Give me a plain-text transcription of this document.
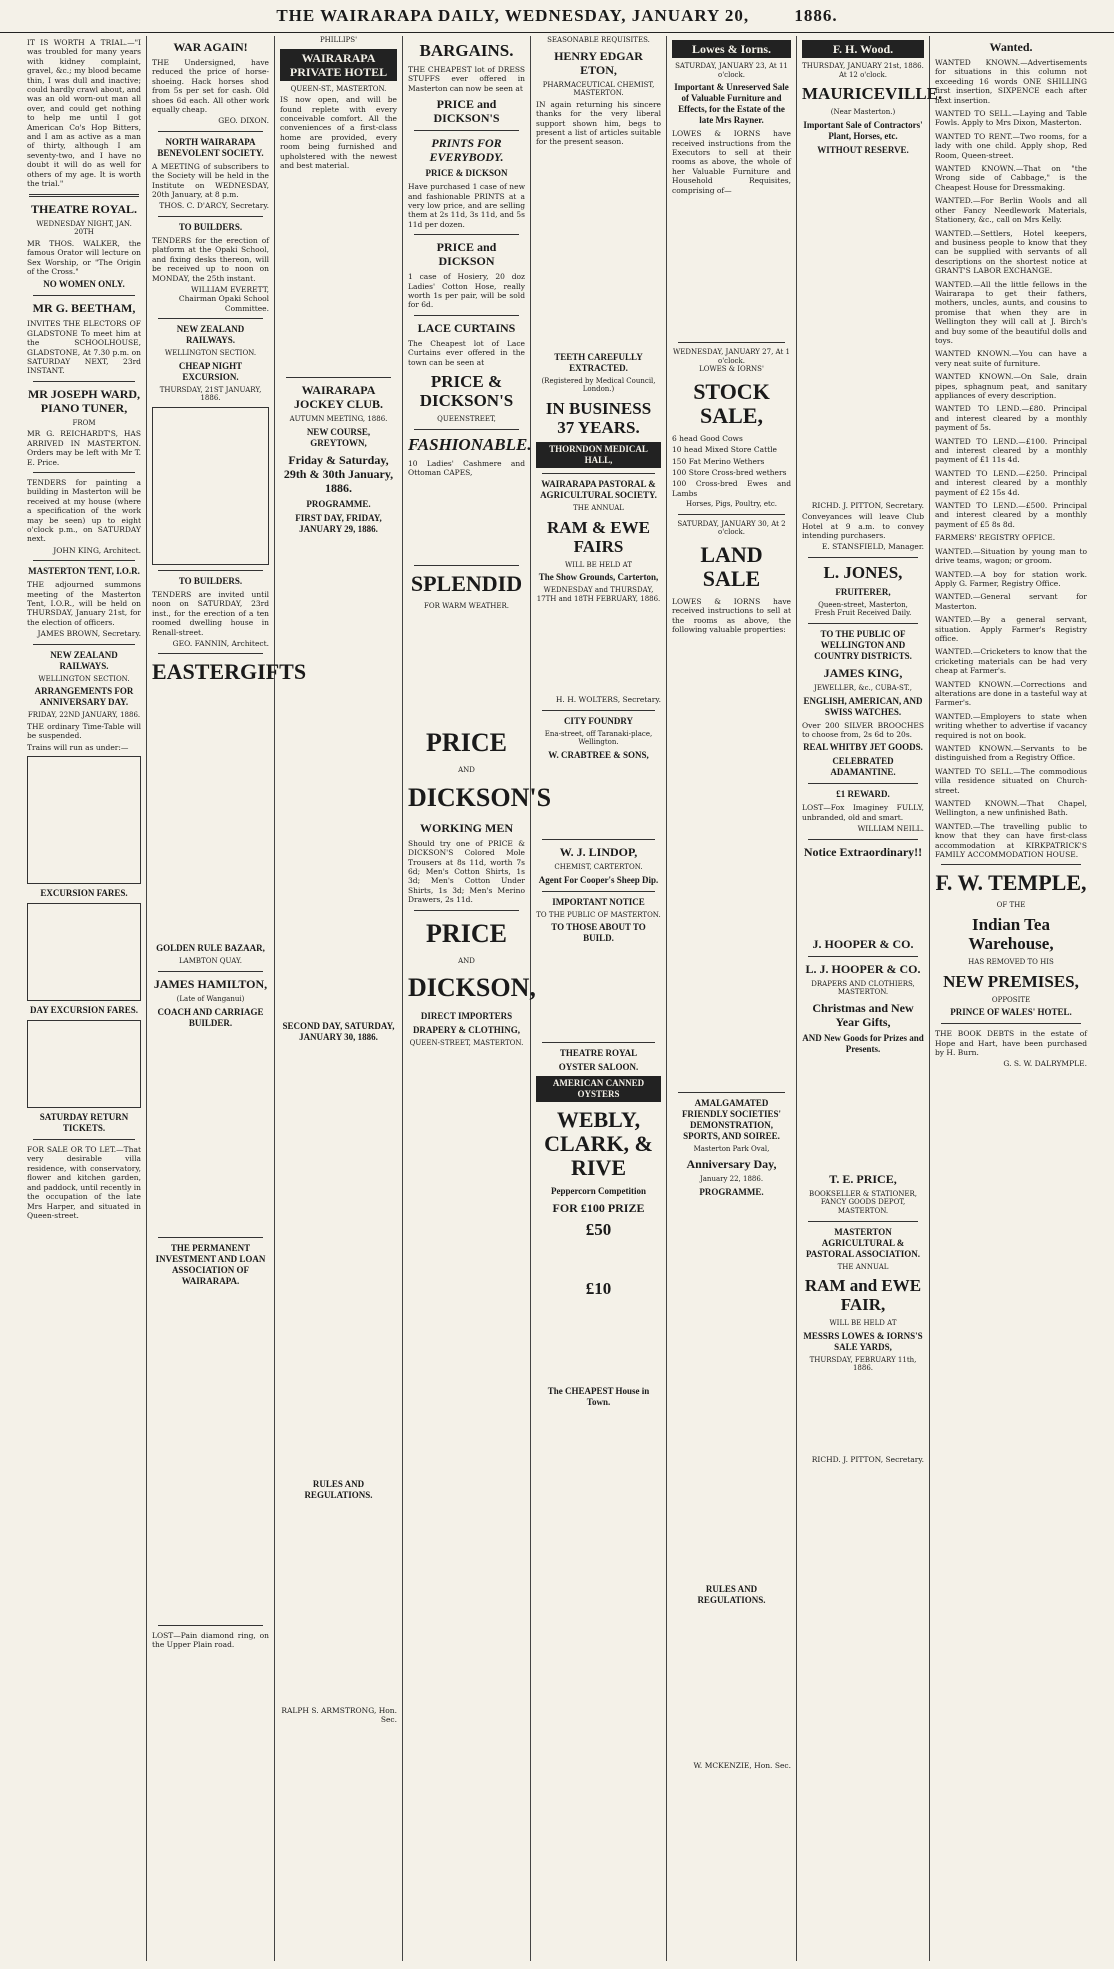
THE WAIRARAPA DAILY, WEDNESDAY, JANUARY 20,	1886.
IT IS WORTH A TRIAL.—"I was troubled for many years with kidney complaint, gravel, &c.; my blood became thin, I was dull and inactive; could hardly crawl about, and was an old worn-out man all over, and could get nothing to help me until I got American Co's Hop Bitters, and I am as active as a man of thirty, although I am seventy-two, and I have no doubt it will do as well for others of my age. It is worth the trial."
THEATRE ROYAL.
WEDNESDAY NIGHT, JAN. 20TH
MR THOS. WALKER, the famous Orator will lecture on Sex Worship, or "The Origin of the Cross."
NO WOMEN ONLY.
MR G. BEETHAM,
INVITES THE ELECTORS OF GLADSTONE To meet him at the SCHOOLHOUSE, GLADSTONE, At 7.30 p.m. on SATURDAY NEXT, 23rd INSTANT.
MR JOSEPH WARD, PIANO TUNER,
FROM
MR G. REICHARDT'S, HAS ARRIVED IN MASTERTON. Orders may be left with Mr T. E. Price.
TENDERS for painting a building in Masterton will be received at my house (where a specification of the work may be seen) up to eight o'clock p.m., on SATURDAY next.
JOHN KING, Architect.
MASTERTON TENT, I.O.R.
THE adjourned summons meeting of the Masterton Tent, I.O.R., will be held on THURSDAY, January 21st, for the election of officers.
JAMES BROWN, Secretary.
NEW ZEALAND RAILWAYS.
WELLINGTON SECTION.
ARRANGEMENTS FOR ANNIVERSARY DAY.
FRIDAY, 22ND JANUARY, 1886.
THE ordinary Time-Table will be suspended.
Trains will run as under:—
EXCURSION FARES.
DAY EXCURSION FARES.
SATURDAY RETURN TICKETS.
FOR SALE OR TO LET.—That very desirable villa residence, with conservatory, flower and kitchen garden, and paddock, until recently in the occupation of the late Mrs Harper, and situated in Queen-street.
WAR AGAIN!
THE Undersigned, have reduced the price of horse-shoeing. Hack horses shod from 5s per set for cash. Old shoes 6d each. All other work equally cheap.
GEO. DIXON.
NORTH WAIRARAPA BENEVOLENT SOCIETY.
A MEETING of subscribers to the Society will be held in the Institute on WEDNESDAY, 20th January, at 8 p.m.
THOS. C. D'ARCY, Secretary.
TO BUILDERS.
TENDERS for the erection of platform at the Opaki School, and fixing desks thereon, will be received up to noon on MONDAY, the 25th instant.
WILLIAM EVERETT, Chairman Opaki School Committee.
NEW ZEALAND RAILWAYS.
WELLINGTON SECTION.
CHEAP NIGHT EXCURSION.
THURSDAY, 21ST JANUARY, 1886.
TO BUILDERS.
TENDERS are invited until noon on SATURDAY, 23rd inst., for the erection of a ten roomed dwelling house in Renall-street.
GEO. FANNIN, Architect.
EASTERGIFTS
GOLDEN RULE BAZAAR,
LAMBTON QUAY.
JAMES HAMILTON,
(Late of Wanganui)
COACH AND CARRIAGE BUILDER.
THE PERMANENT INVESTMENT AND LOAN ASSOCIATION OF WAIRARAPA.
LOST—Pain diamond ring, on the Upper Plain road.
PHILLIPS'
WAIRARAPA PRIVATE HOTEL
QUEEN-ST., MASTERTON.
IS now open, and will be found replete with every conceivable comfort. All the conveniences of a first-class home are provided, every room being furnished and upholstered with the newest and best material.
WAIRARAPA JOCKEY CLUB.
AUTUMN MEETING, 1886.
NEW COURSE, GREYTOWN,
Friday & Saturday, 29th & 30th January, 1886.
PROGRAMME.
FIRST DAY, FRIDAY, JANUARY 29, 1886.
SECOND DAY, SATURDAY, JANUARY 30, 1886.
RULES AND REGULATIONS.
RALPH S. ARMSTRONG, Hon. Sec.
BARGAINS.
THE CHEAPEST lot of DRESS STUFFS ever offered in Masterton can now be seen at
PRICE and DICKSON'S
PRINTS FOR EVERYBODY.
PRICE & DICKSON
Have purchased 1 case of new and fashionable PRINTS at a very low price, and are selling them at 2s 11d, 3s 11d, and 5s 11d per dozen.
PRICE and DICKSON
1 case of Hosiery, 20 doz Ladies' Cotton Hose, really worth 1s per pair, will be sold for 6d.
LACE CURTAINS
The Cheapest lot of Lace Curtains ever offered in the town can be seen at
PRICE & DICKSON'S
QUEENSTREET,
FASHIONABLE.
10 Ladies' Cashmere and Ottoman CAPES,
SPLENDID
FOR WARM WEATHER.
PRICE
AND
DICKSON'S
WORKING MEN
Should try one of PRICE & DICKSON'S Colored Mole Trousers at 8s 11d, worth 7s 6d; Men's Cotton Shirts, 1s 3d; Men's Cotton Under Shirts, 1s 3d; Men's Merino Drawers, 2s 11d.
PRICE
AND
DICKSON,
DIRECT IMPORTERS
DRAPERY & CLOTHING,
QUEEN-STREET, MASTERTON.
SEASONABLE REQUISITES.
HENRY EDGAR ETON,
PHARMACEUTICAL CHEMIST, MASTERTON.
IN again returning his sincere thanks for the very liberal support shown him, begs to present a list of articles suitable for the present season.
TEETH CAREFULLY EXTRACTED.
(Registered by Medical Council, London.)
IN BUSINESS 37 YEARS.
THORNDON MEDICAL HALL,
WAIRARAPA PASTORAL & AGRICULTURAL SOCIETY.
THE ANNUAL
RAM & EWE FAIRS
WILL BE HELD AT
The Show Grounds, Carterton,
WEDNESDAY and THURSDAY, 17TH and 18TH FEBRUARY, 1886.
H. H. WOLTERS, Secretary.
CITY FOUNDRY
Ena-street, off Taranaki-place, Wellington.
W. CRABTREE & SONS,
W. J. LINDOP,
CHEMIST, CARTERTON.
Agent For Cooper's Sheep Dip.
IMPORTANT NOTICE
TO THE PUBLIC OF MASTERTON.
TO THOSE ABOUT TO BUILD.
THEATRE ROYAL
OYSTER SALOON.
AMERICAN CANNED OYSTERS
WEBLY, CLARK, & RIVE
Peppercorn Competition
FOR £100 PRIZE
£50
£10
The CHEAPEST House in Town.
Lowes & Iorns.
SATURDAY, JANUARY 23, At 11 o'clock.
Important & Unreserved Sale of Valuable Furniture and Effects, for the Estate of the late Mrs Rayner.
LOWES & IORNS have received instructions from the Executors to sell at their rooms as above, the whole of her Valuable Furniture and Household Requisites, comprising of—
WEDNESDAY, JANUARY 27, At 1 o'clock.
LOWES & IORNS'
STOCK SALE,
6 head Good Cows
10 head Mixed Store Cattle
150 Fat Merino Wethers
100 Store Cross-bred wethers
100 Cross-bred Ewes and Lambs
Horses, Pigs, Poultry, etc.
SATURDAY, JANUARY 30, At 2 o'clock.
LAND SALE
LOWES & IORNS have received instructions to sell at the rooms as above, the following valuable properties:
AMALGAMATED FRIENDLY SOCIETIES' DEMONSTRATION, SPORTS, AND SOIREE.
Masterton Park Oval,
Anniversary Day,
January 22, 1886.
PROGRAMME.
RULES AND REGULATIONS.
W. MCKENZIE, Hon. Sec.
F. H. Wood.
THURSDAY, JANUARY 21st, 1886.
At 12 o'clock.
MAURICEVILLE.
(Near Masterton.)
Important Sale of Contractors' Plant, Horses, etc.
WITHOUT RESERVE.
RICHD. J. PITTON, Secretary.
Conveyances will leave Club Hotel at 9 a.m. to convey intending purchasers.
E. STANSFIELD, Manager.
L. JONES,
FRUITERER,
Queen-street, Masterton,
Fresh Fruit Received Daily.
TO THE PUBLIC OF WELLINGTON AND COUNTRY DISTRICTS.
JAMES KING,
JEWELLER, &c., CUBA-ST.,
ENGLISH, AMERICAN, AND SWISS WATCHES.
Over 200 SILVER BROOCHES to choose from, 2s 6d to 20s.
REAL WHITBY JET GOODS.
CELEBRATED ADAMANTINE.
£1 REWARD.
LOST—Fox Imaginey FULLY, unbranded, old and smart.
WILLIAM NEILL.
Notice Extraordinary!!
J. HOOPER & CO.
L. J. HOOPER & CO.
DRAPERS AND CLOTHIERS, MASTERTON.
Christmas and New Year Gifts,
AND New Goods for Prizes and Presents.
T. E. PRICE,
BOOKSELLER & STATIONER, FANCY GOODS DEPOT, MASTERTON.
MASTERTON AGRICULTURAL & PASTORAL ASSOCIATION.
THE ANNUAL
RAM and EWE FAIR,
WILL BE HELD AT
MESSRS LOWES & IORNS'S SALE YARDS,
THURSDAY, FEBRUARY 11th, 1886.
RICHD. J. PITTON, Secretary.
Wanted.
WANTED KNOWN.—Advertisements for situations in this column not exceeding 16 words ONE SHILLING first insertion, SIXPENCE each after next insertion.
WANTED TO SELL.—Laying and Table Fowls. Apply to Mrs Dixon, Masterton.
WANTED TO RENT.—Two rooms, for a lady with one child. Apply shop, Red Room, Queen-street.
WANTED KNOWN.—That on "the Wrong side of Cabbage," is the Cheapest House for Dressmaking.
WANTED.—For Berlin Wools and all other Fancy Needlework Materials, Stationery, &c., call on Mrs Kelly.
WANTED.—Settlers, Hotel keepers, and business people to know that they can be supplied with servants of all descriptions on the shortest notice at GRANT'S LABOR EXCHANGE.
WANTED.—All the little fellows in the Wairarapa to get their fathers, mothers, uncles, aunts, and cousins to promise that when they are in Wellington they will call at J. Birch's and buy some of the beautiful dolls and toys.
WANTED KNOWN.—You can have a very neat suite of furniture.
WANTED KNOWN.—On Sale, drain pipes, sphagnum peat, and sanitary appliances of every description.
WANTED TO LEND.—£80. Principal and interest cleared by a monthly payment of 5s.
WANTED TO LEND.—£100. Principal and interest cleared by a monthly payment of £1 11s 4d.
WANTED TO LEND.—£250. Principal and interest cleared by a monthly payment of £2 15s 4d.
WANTED TO LEND.—£500. Principal and interest cleared by a monthly payment of £5 8s 8d.
FARMERS' REGISTRY OFFICE.
WANTED.—Situation by young man to drive teams, wagon; or groom.
WANTED.—A boy for station work. Apply G. Farmer, Registry Office.
WANTED.—General servant for Masterton.
WANTED.—By a general servant, situation. Apply Farmer's Registry office.
WANTED.—Cricketers to know that the cricketing materials can be had very cheap at Farmer's.
WANTED KNOWN.—Corrections and alterations are done in a tasteful way at Farmer's.
WANTED.—Employers to state when writing whether to advertise if vacancy required is not on book.
WANTED KNOWN.—Servants to be distinguished from a Registry Office.
WANTED TO SELL.—The commodious villa residence situated on Church-street.
WANTED KNOWN.—That Chapel, Wellington, a new unfinished Bath.
WANTED.—The travelling public to know that they can have first-class accommodation at KIRKPATRICK'S FAMILY ACCOMMODATION HOUSE.
F. W. TEMPLE,
OF THE
Indian Tea Warehouse,
HAS REMOVED TO HIS
NEW PREMISES,
OPPOSITE
PRINCE OF WALES' HOTEL.
THE BOOK DEBTS in the estate of Hope and Hart, have been purchased by H. Burn.
G. S. W. DALRYMPLE.
